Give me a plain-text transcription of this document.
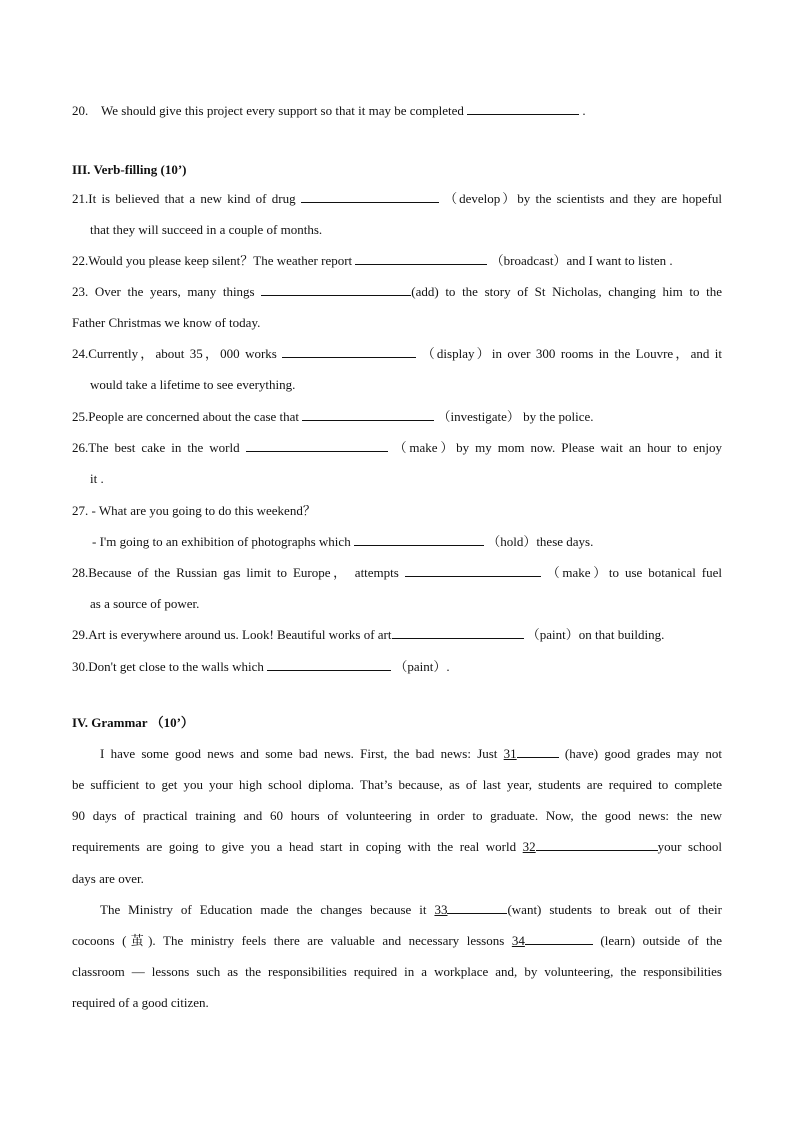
20. We should give this project every support so that it may be completed	.
III. Verb-filling (10’)
21.It is believed that a new kind of drug	（develop）by the scientists and they are hopeful
that they will succeed in a couple of months.
22.Would you please keep silent？The weather report	（broadcast）and I want to listen .
23. Over the years, many things	(add) to the story of St Nicholas, changing him to the
Father Christmas we know of today.
24.Currently，about 35，000 works	（display）in over 300 rooms in the Louvre，and it
would take a lifetime to see everything.
25.People are concerned about the case that	（investigate） by the police.
26.The best cake in the world	（make）by my mom now. Please wait an hour to enjoy
it .
27. - What are you going to do this weekend？
- I'm going to an exhibition of photographs which	（hold）these days.
28.Because of the Russian gas limit to Europe， attempts	（make）to use botanical fuel
as a source of power.
29.Art is everywhere around us. Look! Beautiful works of art	（paint）on that building.
30.Don't get close to the walls which	（paint）.
IV. Grammar （10’）
I have some good news and some bad news. First, the bad news: Just 31	(have) good grades may not
be sufficient to get you your high school diploma. That’s because, as of last year, students are required to complete
90 days of practical training and 60 hours of volunteering in order to graduate. Now, the good news: the new
requirements are going to give you a head start in coping with the real world 32	your school
days are over.
The Ministry of Education made the changes because it 33	(want) students to break out of their
cocoons (茧). The ministry feels there are valuable and necessary lessons 34	(learn) outside of the
classroom — lessons such as the responsibilities required in a workplace and, by volunteering, the responsibilities
required of a good citizen.
